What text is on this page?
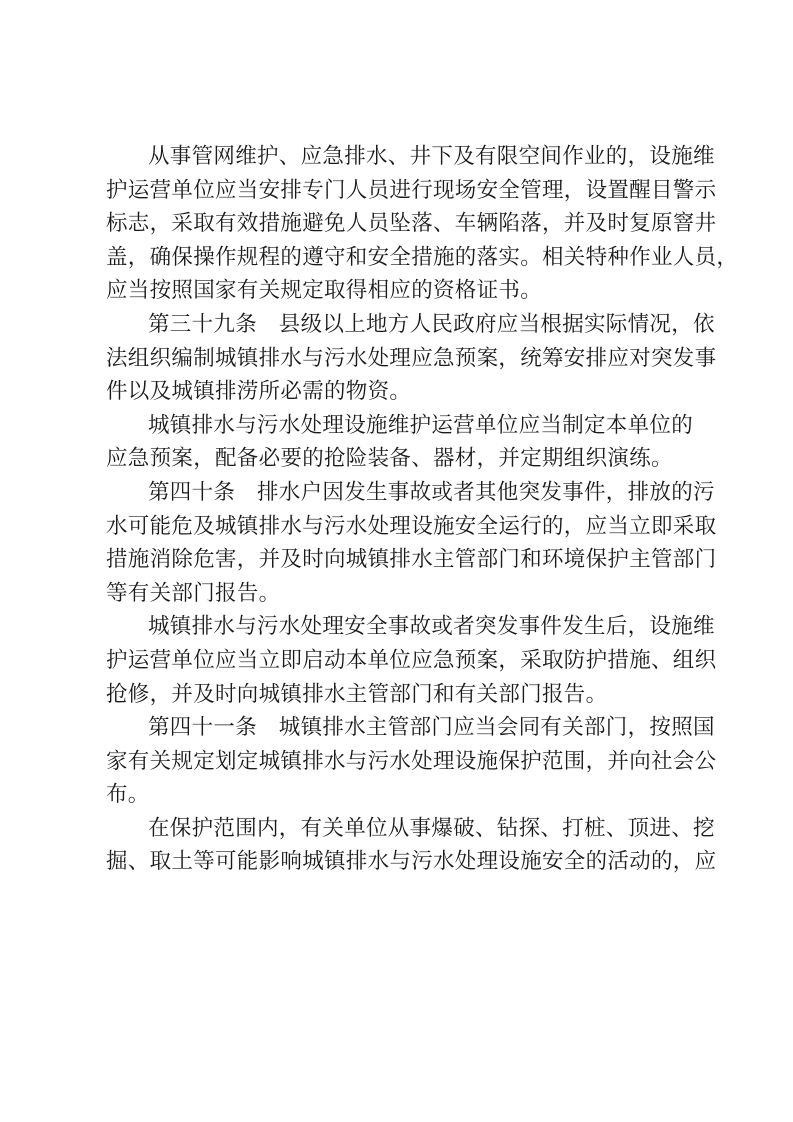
从事管网维护、应急排水、井下及有限空间作业的，设施维
护运营单位应当安排专门人员进行现场安全管理，设置醒目警示
标志，采取有效措施避免人员坠落、车辆陷落，并及时复原窨井
盖，确保操作规程的遵守和安全措施的落实。相关特种作业人员，
应当按照国家有关规定取得相应的资格证书。
第三十九条　县级以上地方人民政府应当根据实际情况，依
法组织编制城镇排水与污水处理应急预案，统筹安排应对突发事
件以及城镇排涝所必需的物资。
城镇排水与污水处理设施维护运营单位应当制定本单位的
应急预案，配备必要的抢险装备、器材，并定期组织演练。
第四十条　排水户因发生事故或者其他突发事件，排放的污
水可能危及城镇排水与污水处理设施安全运行的，应当立即采取
措施消除危害，并及时向城镇排水主管部门和环境保护主管部门
等有关部门报告。
城镇排水与污水处理安全事故或者突发事件发生后，设施维
护运营单位应当立即启动本单位应急预案，采取防护措施、组织
抢修，并及时向城镇排水主管部门和有关部门报告。
第四十一条　城镇排水主管部门应当会同有关部门，按照国
家有关规定划定城镇排水与污水处理设施保护范围，并向社会公
布。
在保护范围内，有关单位从事爆破、钻探、打桩、顶进、挖
掘、取土等可能影响城镇排水与污水处理设施安全的活动的，应
